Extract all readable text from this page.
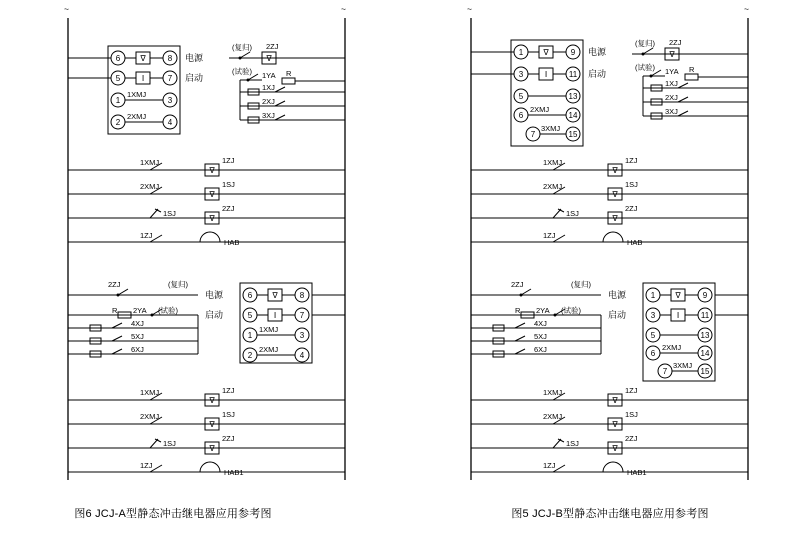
~	~
6
5
1
2
8
7
3
4
∇
Ⅰ
1XMJ
2XMJ
电源
启动
(复归)
∇
2ZJ
(试验) 1YA R
1XJ
2XJ
3XJ
1XMJ
∇
1ZJ
2XMJ
∇
1SJ
1SJ
∇
2ZJ
1ZJ
HAB
6
5
1
2
8
7
3
4
∇
Ⅰ
1XMJ
2XMJ
电源
启动
2ZJ	(复归)
R 2YA (试验)
4XJ
5XJ
6XJ
1XMJ
∇
1ZJ
2XMJ
∇
1SJ
1SJ
∇
2ZJ
1ZJ
HAB1
图6 JCJ-A型静态冲击继电器应用参考图
~	~
1
3
5
6
7
9
11
13
14
15
∇
Ⅰ
2XMJ
3XMJ
电源
启动
(复归)
∇
2ZJ
(试验) 1YA R
1XJ
2XJ
3XJ
1XMJ
∇
1ZJ
2XMJ
∇
1SJ
1SJ
∇
2ZJ
1ZJ
HAB
1
3
5
6
7
9
11
13
14
15
∇
Ⅰ
2XMJ
3XMJ
电源
启动
2ZJ	(复归)
R 2YA (试验)
4XJ
5XJ
6XJ
1XMJ
∇
1ZJ
2XMJ
∇
1SJ
1SJ
∇
2ZJ
1ZJ
HAB1
图5 JCJ-B型静态冲击继电器应用参考图
